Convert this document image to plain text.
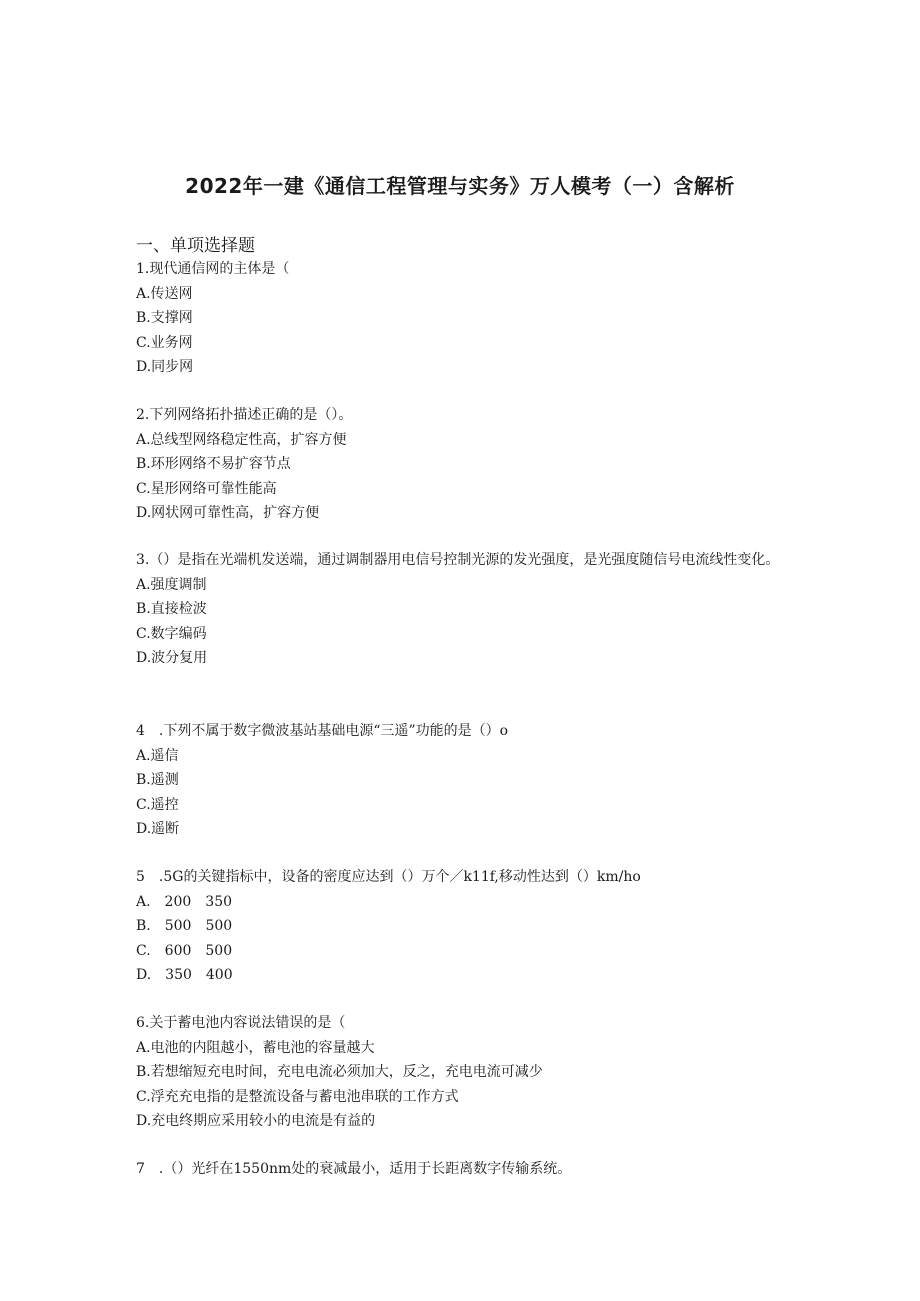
2022年一建《通信工程管理与实务》万人模考（一）含解析
一、单项选择题

1.现代通信网的主体是（

A.传送网

B.支撑网

C.业务网

D.同步网

2.下列网络拓扑描述正确的是（）。

A.总线型网络稳定性高，扩容方便

B.环形网络不易扩容节点

C.星形网络可靠性能高

D.网状网可靠性高，扩容方便

3.（）是指在光端机发送端，通过调制器用电信号控制光源的发光强度，是光强度随信号电流线性变化。

A.强度调制

B.直接检波

C.数字编码

D.波分复用

4　.下列不属于数字微波基站基础电源“三遥”功能的是（）o

A.遥信

B.遥测

C.遥控

D.遥断

5　.5G的关键指标中，设备的密度应达到（）万个／k11f,移动性达到（）km/ho

A.　200　350

B.　500　500

C.　600　500

D.　350　400

6.关于蓄电池内容说法错误的是（

A.电池的内阻越小，蓄电池的容量越大

B.若想缩短充电时间，充电电流必须加大，反之，充电电流可减少

C.浮充充电指的是整流设备与蓄电池串联的工作方式

D.充电终期应采用较小的电流是有益的

7　.（）光纤在1550nm处的衰减最小，适用于长距离数字传输系统。
